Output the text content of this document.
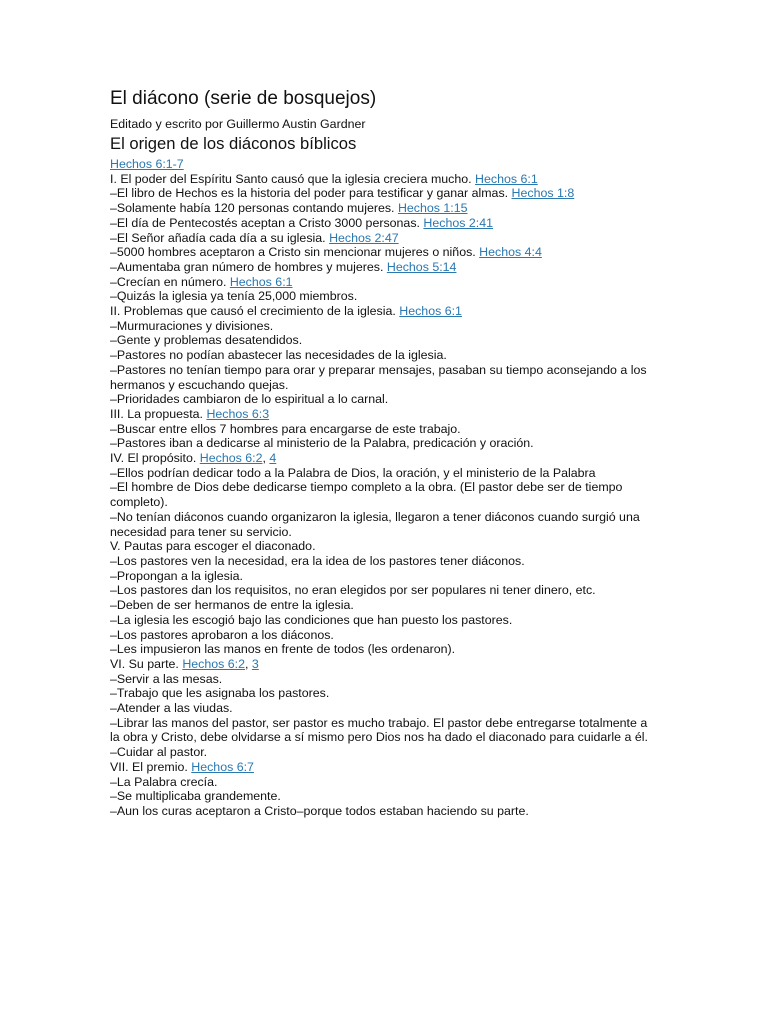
El diácono (serie de bosquejos)
Editado y escrito por Guillermo Austin Gardner
El origen de los diáconos bíblicos
Hechos 6:1-7
I. El poder del Espíritu Santo causó que la iglesia creciera mucho. Hechos 6:1
–El libro de Hechos es la historia del poder para testificar y ganar almas. Hechos 1:8
–Solamente había 120 personas contando mujeres. Hechos 1:15
–El día de Pentecostés aceptan a Cristo 3000 personas. Hechos 2:41
–El Señor añadía cada día a su iglesia. Hechos 2:47
–5000 hombres aceptaron a Cristo sin mencionar mujeres o niños. Hechos 4:4
–Aumentaba gran número de hombres y mujeres. Hechos 5:14
–Crecían en número. Hechos 6:1
–Quizás la iglesia ya tenía 25,000 miembros.
II. Problemas que causó el crecimiento de la iglesia. Hechos 6:1
–Murmuraciones y divisiones.
–Gente y problemas desatendidos.
–Pastores no podían abastecer las necesidades de la iglesia.
–Pastores no tenían tiempo para orar y preparar mensajes, pasaban su tiempo aconsejando a los hermanos y escuchando quejas.
–Prioridades cambiaron de lo espiritual a lo carnal.
III. La propuesta. Hechos 6:3
–Buscar entre ellos 7 hombres para encargarse de este trabajo.
–Pastores iban a dedicarse al ministerio de la Palabra, predicación y oración.
IV. El propósito. Hechos 6:2, 4
–Ellos podrían dedicar todo a la Palabra de Dios, la oración, y el ministerio de la Palabra
–El hombre de Dios debe dedicarse tiempo completo a la obra. (El pastor debe ser de tiempo completo).
–No tenían diáconos cuando organizaron la iglesia, llegaron a tener diáconos cuando surgió una necesidad para tener su servicio.
V. Pautas para escoger el diaconado.
–Los pastores ven la necesidad, era la idea de los pastores tener diáconos.
–Propongan a la iglesia.
–Los pastores dan los requisitos, no eran elegidos por ser populares ni tener dinero, etc.
–Deben de ser hermanos de entre la iglesia.
–La iglesia les escogió bajo las condiciones que han puesto los pastores.
–Los pastores aprobaron a los diáconos.
–Les impusieron las manos en frente de todos (les ordenaron).
VI. Su parte. Hechos 6:2, 3
–Servir a las mesas.
–Trabajo que les asignaba los pastores.
–Atender a las viudas.
–Librar las manos del pastor, ser pastor es mucho trabajo. El pastor debe entregarse totalmente a la obra y Cristo, debe olvidarse a sí mismo pero Dios nos ha dado el diaconado para cuidarle a él.
–Cuidar al pastor.
VII. El premio. Hechos 6:7
–La Palabra crecía.
–Se multiplicaba grandemente.
–Aun los curas aceptaron a Cristo–porque todos estaban haciendo su parte.
